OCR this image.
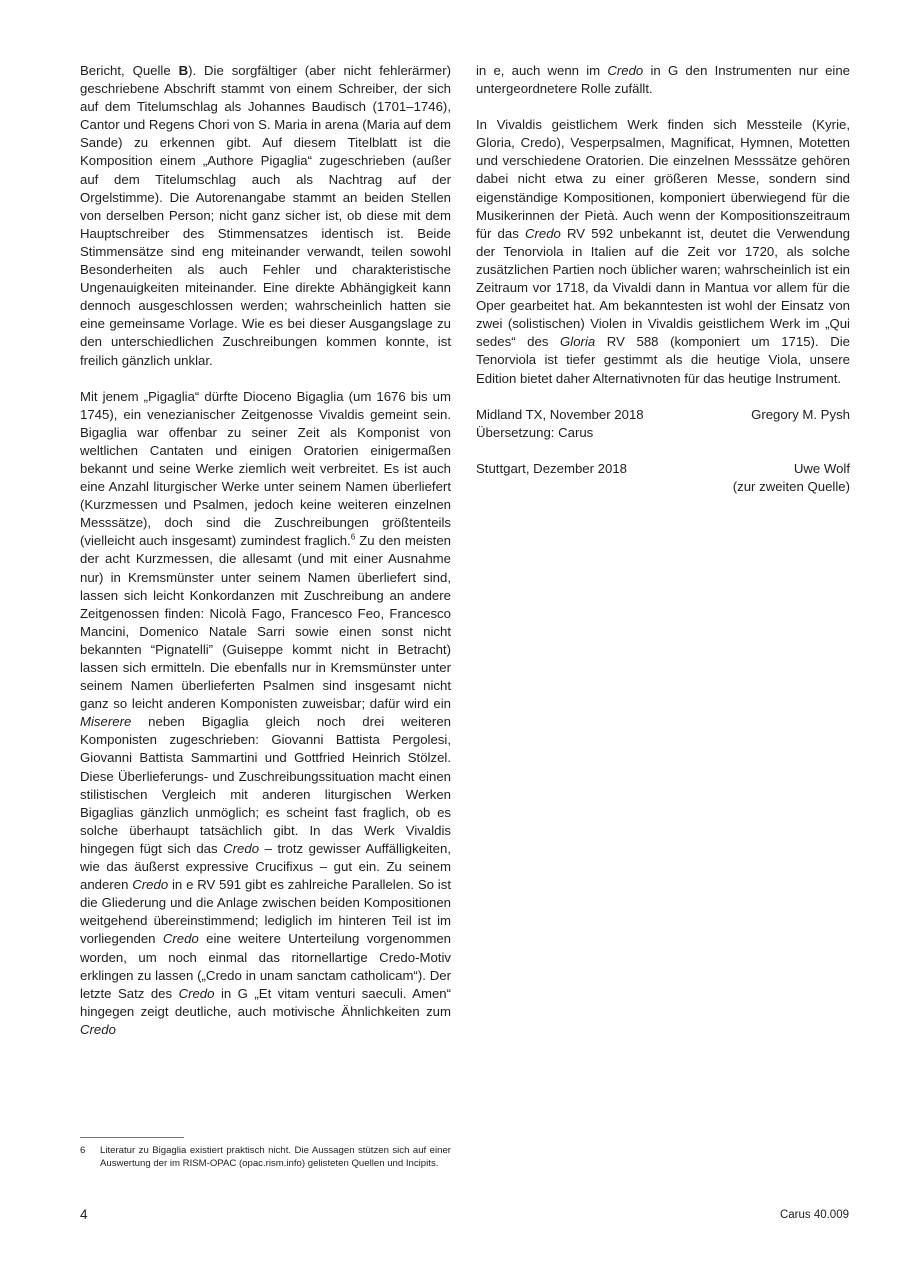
Bericht, Quelle B). Die sorgfältiger (aber nicht fehlerärmer) geschriebene Abschrift stammt von einem Schreiber, der sich auf dem Titelumschlag als Johannes Baudisch (1701–1746), Cantor und Regens Chori von S. Maria in arena (Maria auf dem Sande) zu erkennen gibt. Auf diesem Titelblatt ist die Komposition einem „Authore Pigaglia“ zugeschrieben (außer auf dem Titelumschlag auch als Nachtrag auf der Orgelstimme). Die Autorenangabe stammt an beiden Stellen von derselben Person; nicht ganz sicher ist, ob diese mit dem Hauptschreiber des Stimmensatzes identisch ist. Beide Stimmensätze sind eng miteinander verwandt, teilen sowohl Besonderheiten als auch Fehler und charakteristische Ungenauigkeiten miteinander. Eine direkte Abhängigkeit kann dennoch ausgeschlossen werden; wahrscheinlich hatten sie eine gemeinsame Vorlage. Wie es bei dieser Ausgangslage zu den unterschiedlichen Zuschreibungen kommen konnte, ist freilich gänzlich unklar.
Mit jenem „Pigaglia“ dürfte Dioceno Bigaglia (um 1676 bis um 1745), ein venezianischer Zeitgenosse Vivaldis gemeint sein. Bigaglia war offenbar zu seiner Zeit als Komponist von weltlichen Cantaten und einigen Oratorien einigermaßen bekannt und seine Werke ziemlich weit verbreitet. Es ist auch eine Anzahl liturgischer Werke unter seinem Namen überliefert (Kurzmessen und Psalmen, jedoch keine weiteren einzelnen Messsätze), doch sind die Zuschreibungen größtenteils (vielleicht auch insgesamt) zumindest fraglich.$^6$ Zu den meisten der acht Kurzmessen, die allesamt (und mit einer Ausnahme nur) in Kremsmünster unter seinem Namen überliefert sind, lassen sich leicht Konkordanzen mit Zuschreibung an andere Zeitgenossen finden: Nicolà Fago, Francesco Feo, Francesco Mancini, Domenico Natale Sarri sowie einen sonst nicht bekannten “Pignatelli” (Guiseppe kommt nicht in Betracht) lassen sich ermitteln. Die ebenfalls nur in Kremsmünster unter seinem Namen überlieferten Psalmen sind insgesamt nicht ganz so leicht anderen Komponisten zuweisbar; dafür wird ein Miserere neben Bigaglia gleich noch drei weiteren Komponisten zugeschrieben: Giovanni Battista Pergolesi, Giovanni Battista Sammartini und Gottfried Heinrich Stölzel. Diese Überlieferungs- und Zuschreibungssituation macht einen stilistischen Vergleich mit anderen liturgischen Werken Bigaglias gänzlich unmöglich; es scheint fast fraglich, ob es solche überhaupt tatsächlich gibt. In das Werk Vivaldis hingegen fügt sich das Credo – trotz gewisser Auffälligkeiten, wie das äußerst expressive Crucifixus – gut ein. Zu seinem anderen Credo in e RV 591 gibt es zahlreiche Parallelen. So ist die Gliederung und die Anlage zwischen beiden Kompositionen weitgehend übereinstimmend; lediglich im hinteren Teil ist im vorliegenden Credo eine weitere Unterteilung vorgenommen worden, um noch einmal das ritornellartige Credo-Motiv erklingen zu lassen („Credo in unam sanctam catholicam“). Der letzte Satz des Credo in G „Et vitam venturi saeculi. Amen“ hingegen zeigt deutliche, auch motivische Ähnlichkeiten zum Credo
in e, auch wenn im Credo in G den Instrumenten nur eine untergeordnetere Rolle zufällt.
In Vivaldis geistlichem Werk finden sich Messteile (Kyrie, Gloria, Credo), Vesperpsalmen, Magnificat, Hymnen, Motetten und verschiedene Oratorien. Die einzelnen Messsätze gehören dabei nicht etwa zu einer größeren Messe, sondern sind eigenständige Kompositionen, komponiert überwiegend für die Musikerinnen der Pietà. Auch wenn der Kompositionszeitraum für das Credo RV 592 unbekannt ist, deutet die Verwendung der Tenorviola in Italien auf die Zeit vor 1720, als solche zusätzlichen Partien noch üblicher waren; wahrscheinlich ist ein Zeitraum vor 1718, da Vivaldi dann in Mantua vor allem für die Oper gearbeitet hat. Am bekanntesten ist wohl der Einsatz von zwei (solistischen) Violen in Vivaldis geistlichem Werk im „Qui sedes“ des Gloria RV 588 (komponiert um 1715). Die Tenorviola ist tiefer gestimmt als die heutige Viola, unsere Edition bietet daher Alternativnoten für das heutige Instrument.
Midland TX, November 2018	Gregory M. Pysh
Übersetzung: Carus
Stuttgart, Dezember 2018	Uwe Wolf
(zur zweiten Quelle)
6	Literatur zu Bigaglia existiert praktisch nicht. Die Aussagen stützen sich auf einer Auswertung der im RISM-OPAC (opac.rism.info) gelisteten Quellen und Incipits.
4	Carus 40.009
